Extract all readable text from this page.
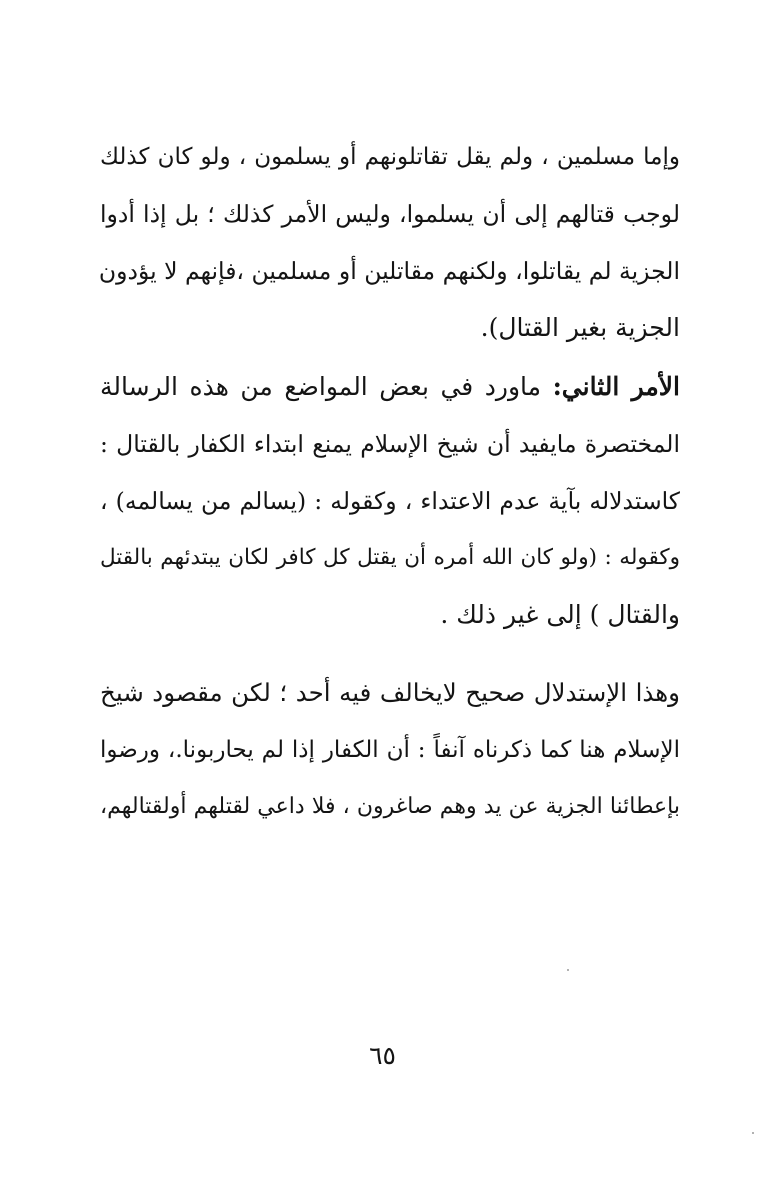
وإما مسلمين ، ولم يقل تقاتلونهم أو يسلمون ، ولو كان كذلك
لوجب قتالهم إلى أن يسلموا، وليس الأمر كذلك ؛ بل إذا أدوا
الجزية لم يقاتلوا، ولكنهم مقاتلين أو مسلمين ،فإنهم لا يؤدون
الجزية بغير القتال).
الأمر الثاني: ماورد في بعض المواضع من هذه الرسالة
المختصرة مايفيد أن شيخ الإسلام يمنع ابتداء الكفار بالقتال :
كاستدلاله بآية عدم الاعتداء ، وكقوله : (يسالم من يسالمه) ،
وكقوله : (ولو كان الله أمره أن يقتل كل كافر لكان يبتدئهم بالقتل
والقتال ) إلى غير ذلك .
وهذا الإستدلال صحيح لايخالف فيه أحد ؛ لكن مقصود شيخ
الإسلام هنا كما ذكرناه آنفاً : أن الكفار إذا لم يحاربونا.، ورضوا
بإعطائنا الجزية عن يد وهم صاغرون ، فلا داعي لقتلهم أولقتالهم،
٦٥
